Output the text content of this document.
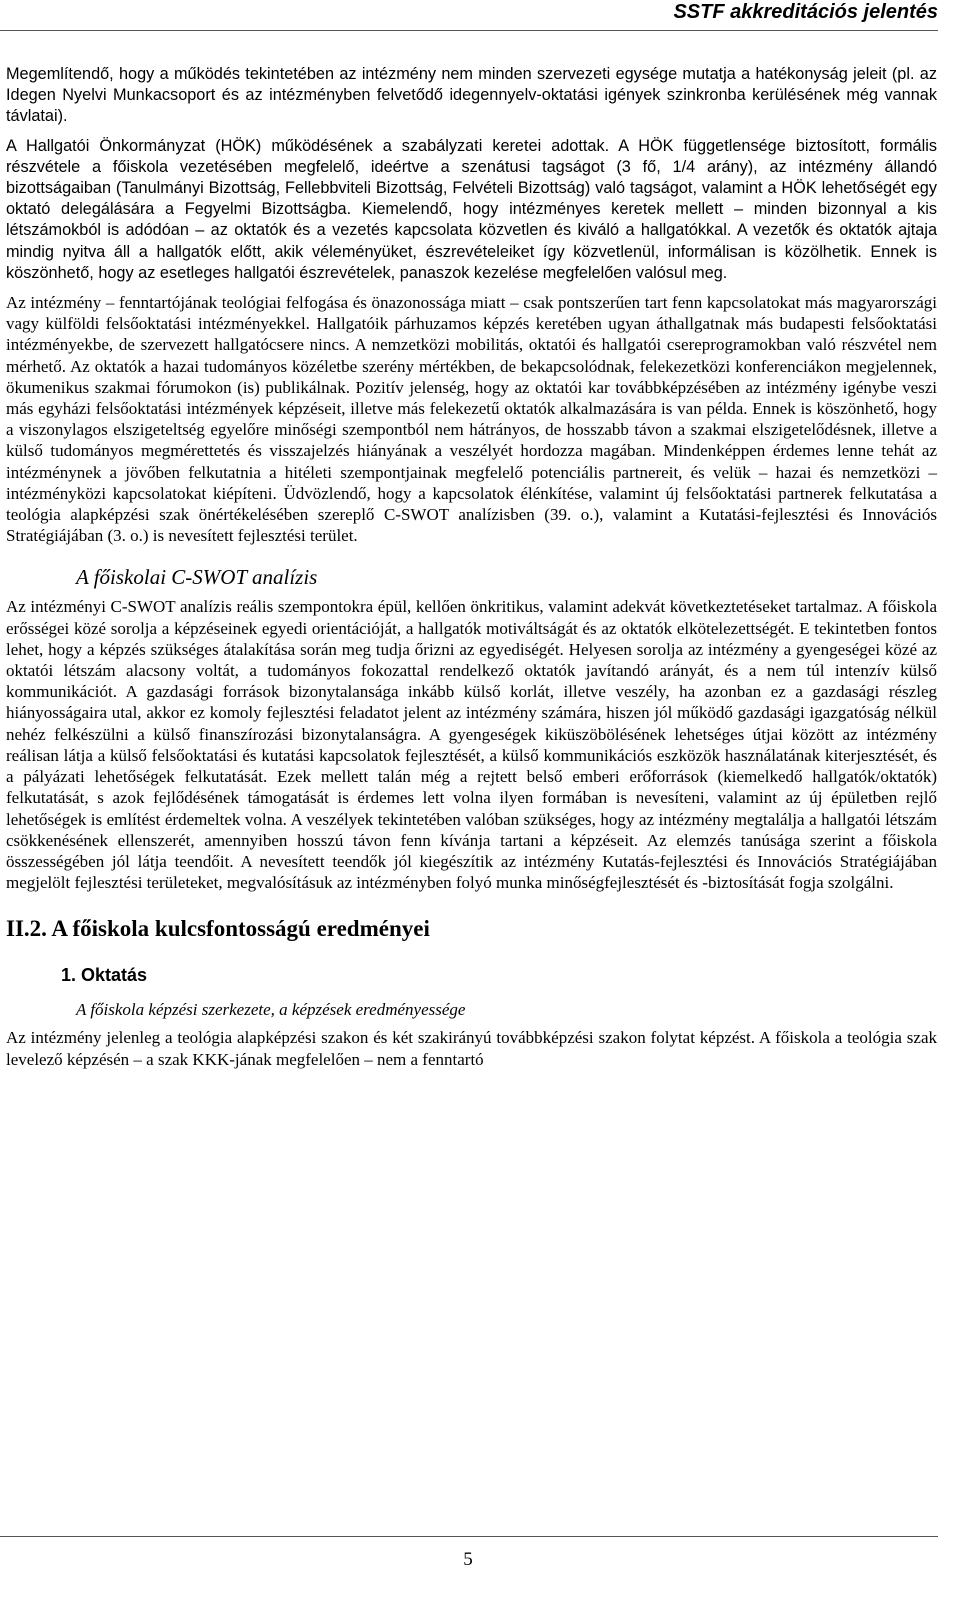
SSTF akkreditációs jelentés

Megemlítendő, hogy a működés tekintetében az intézmény nem minden szervezeti egysége mutatja a hatékonyság jeleit (pl. az Idegen Nyelvi Munkacsoport és az intézményben felvetődő idegennyelv-oktatási igények szinkronba kerülésének még vannak távlatai).

A Hallgatói Önkormányzat (HÖK) működésének a szabályzati keretei adottak. A HÖK függetlensége biztosított, formális részvétele a főiskola vezetésében megfelelő, ideértve a szenátusi tagságot (3 fő, 1/4 arány), az intézmény állandó bizottságaiban (Tanulmányi Bizottság, Fellebbviteli Bizottság, Felvételi Bizottság) való tagságot, valamint a HÖK lehetőségét egy oktató delegálására a Fegyelmi Bizottságba. Kiemelendő, hogy intézményes keretek mellett – minden bizonnyal a kis létszámokból is adódóan – az oktatók és a vezetés kapcsolata közvetlen és kiváló a hallgatókkal. A vezetők és oktatók ajtaja mindig nyitva áll a hallgatók előtt, akik véleményüket, észrevételeiket így közvetlenül, informálisan is közölhetik. Ennek is köszönhető, hogy az esetleges hallgatói észrevételek, panaszok kezelése megfelelően valósul meg.

Az intézmény – fenntartójának teológiai felfogása és önazonossága miatt – csak pontszerűen tart fenn kapcsolatokat más magyarországi vagy külföldi felsőoktatási intézményekkel. Hallgatóik párhuzamos képzés keretében ugyan áthallgatnak más budapesti felsőoktatási intézményekbe, de szervezett hallgatócsere nincs. A nemzetközi mobilitás, oktatói és hallgatói csereprogramokban való részvétel nem mérhető. Az oktatók a hazai tudományos közéletbe szerény mértékben, de bekapcsolódnak, felekezetközi konferenciákon megjelennek, ökumenikus szakmai fórumokon (is) publikálnak. Pozitív jelenség, hogy az oktatói kar továbbképzésében az intézmény igénybe veszi más egyházi felsőoktatási intézmények képzéseit, illetve más felekezetű oktatók alkalmazására is van példa. Ennek is köszönhető, hogy a viszonylagos elszigeteltség egyelőre minőségi szempontból nem hátrányos, de hosszabb távon a szakmai elszigetelődésnek, illetve a külső tudományos megmérettetés és visszajelzés hiányának a veszélyét hordozza magában. Mindenképpen érdemes lenne tehát az intézménynek a jövőben felkutatnia a hitéleti szempontjainak megfelelő potenciális partnereit, és velük – hazai és nemzetközi – intézményközi kapcsolatokat kiépíteni. Üdvözlendő, hogy a kapcsolatok élénkítése, valamint új felsőoktatási partnerek felkutatása a teológia alapképzési szak önértékelésében szereplő C-SWOT analízisben (39. o.), valamint a Kutatási-fejlesztési és Innovációs Stratégiájában (3. o.) is nevesített fejlesztési terület.

A főiskolai C-SWOT analízis

Az intézményi C-SWOT analízis reális szempontokra épül, kellően önkritikus, valamint adekvát következtetéseket tartalmaz. A főiskola erősségei közé sorolja a képzéseinek egyedi orientációját, a hallgatók motiváltságát és az oktatók elkötelezettségét. E tekintetben fontos lehet, hogy a képzés szükséges átalakítása során meg tudja őrizni az egyediségét. Helyesen sorolja az intézmény a gyengeségei közé az oktatói létszám alacsony voltát, a tudományos fokozattal rendelkező oktatók javítandó arányát, és a nem túl intenzív külső kommunikációt. A gazdasági források bizonytalansága inkább külső korlát, illetve veszély, ha azonban ez a gazdasági részleg hiányosságaira utal, akkor ez komoly fejlesztési feladatot jelent az intézmény számára, hiszen jól működő gazdasági igazgatóság nélkül nehéz felkészülni a külső finanszírozási bizonytalanságra. A gyengeségek kiküszöbölésének lehetséges útjai között az intézmény reálisan látja a külső felsőoktatási és kutatási kapcsolatok fejlesztését, a külső kommunikációs eszközök használatának kiterjesztését, és a pályázati lehetőségek felkutatását. Ezek mellett talán még a rejtett belső emberi erőforrások (kiemelkedő hallgatók/oktatók) felkutatását, s azok fejlődésének támogatását is érdemes lett volna ilyen formában is nevesíteni, valamint az új épületben rejlő lehetőségek is említést érdemeltek volna. A veszélyek tekintetében valóban szükséges, hogy az intézmény megtalálja a hallgatói létszám csökkenésének ellenszerét, amennyiben hosszú távon fenn kívánja tartani a képzéseit. Az elemzés tanúsága szerint a főiskola összességében jól látja teendőit. A nevesített teendők jól kiegészítik az intézmény Kutatás-fejlesztési és Innovációs Stratégiájában megjelölt fejlesztési területeket, megvalósításuk az intézményben folyó munka minőségfejlesztését és -biztosítását fogja szolgálni.

II.2. A főiskola kulcsfontosságú eredményei
1. Oktatás
A főiskola képzési szerkezete, a képzések eredményessége

Az intézmény jelenleg a teológia alapképzési szakon és két szakirányú továbbképzési szakon folytat képzést. A főiskola a teológia szak levelező képzésén – a szak KKK-jának megfelelően – nem a fenntartó

5
